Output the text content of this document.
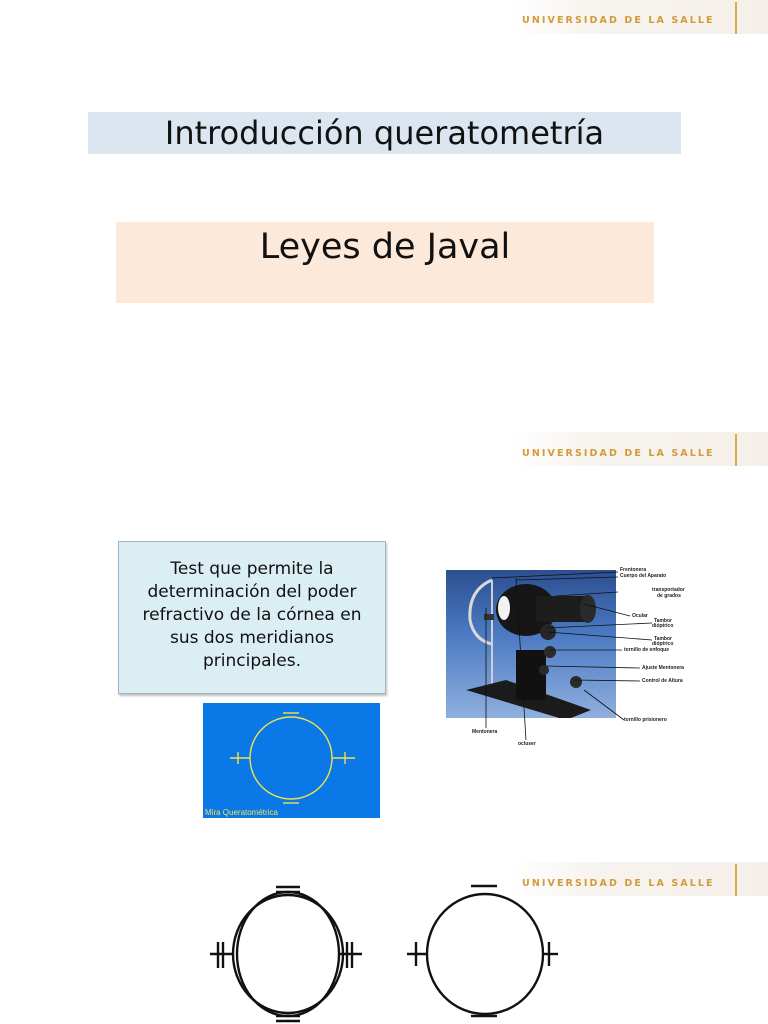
UNIVERSIDAD DE LA SALLE
Introducción queratometría
Leyes de Javal
UNIVERSIDAD DE LA SALLE
Test que permite la
determinación del poder
refractivo de la córnea en
sus dos meridianos
principales.
Mira Queratométrica
Frentonera
Cuerpo del Aparato
transportador
de grados
Ocular
Tambor
dióptrico
Tambor
dióptrico
tornillo de enfoque
Ajuste Mentonera
Control de Altura
tornillo prisionero
Mentonera
ocluser
UNIVERSIDAD DE LA SALLE
